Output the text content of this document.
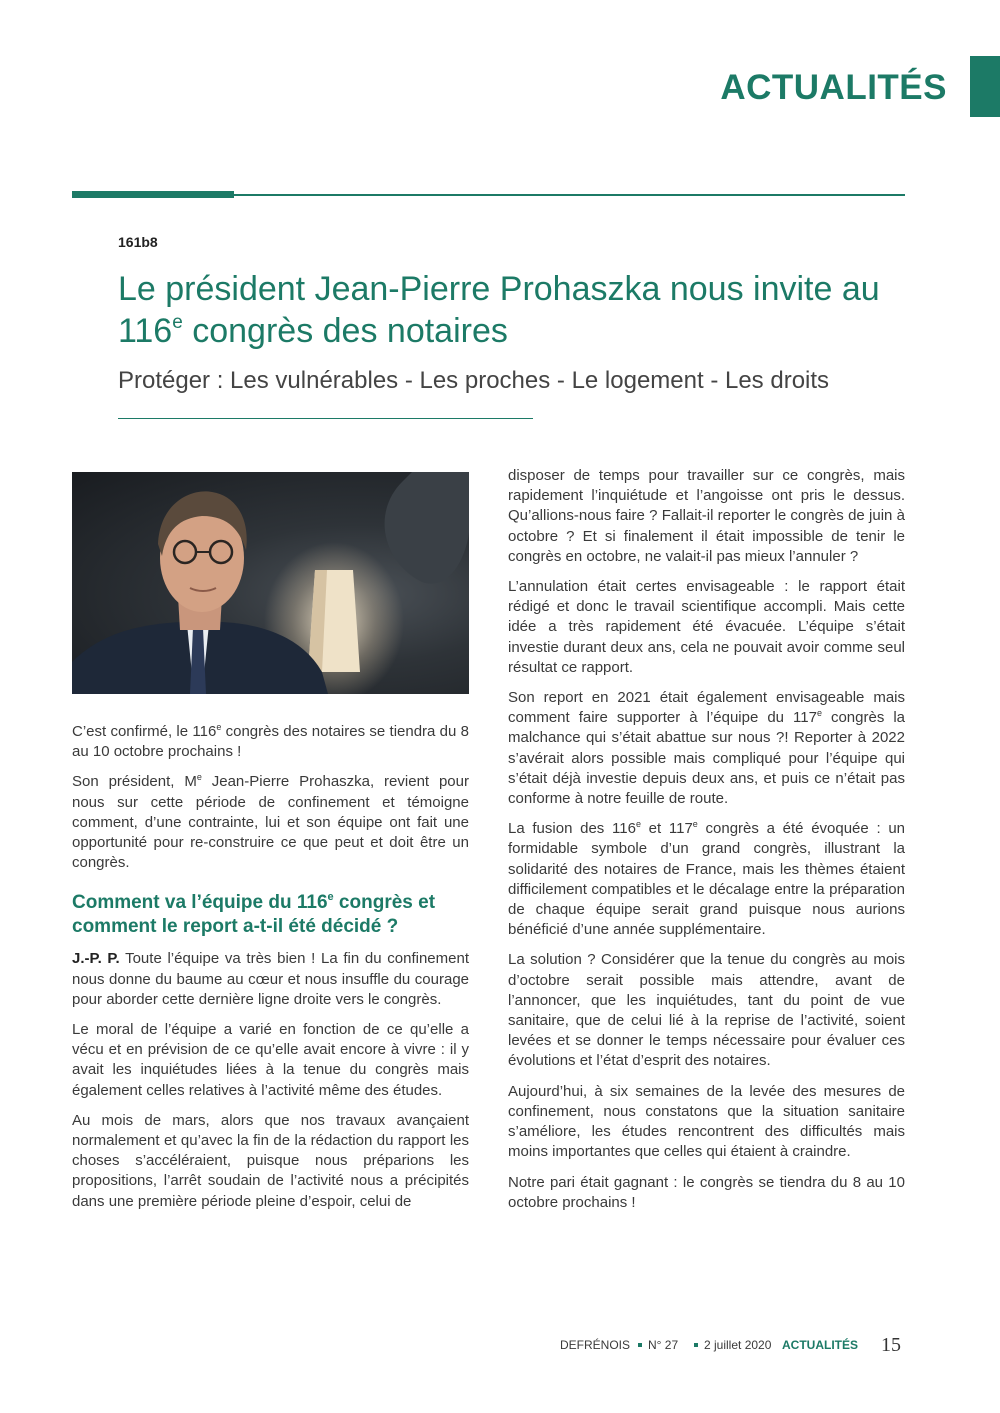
ACTUALITÉS
161b8
Le président Jean-Pierre Prohaszka nous invite au 116e congrès des notaires
Protéger : Les vulnérables - Les proches - Le logement - Les droits

C’est confirmé, le 116e congrès des notaires se tiendra du 8 au 10 octobre prochains !

Son président, Me Jean-Pierre Prohaszka, revient pour nous sur cette période de confinement et témoigne comment, d’une contrainte, lui et son équipe ont fait une opportunité pour re-construire ce que peut et doit être un congrès.

Comment va l’équipe du 116e congrès et comment le report a-t-il été décidé ?

J.-P. P. Toute l’équipe va très bien ! La fin du confinement nous donne du baume au cœur et nous insuffle du courage pour aborder cette dernière ligne droite vers le congrès.

Le moral de l’équipe a varié en fonction de ce qu’elle a vécu et en prévision de ce qu’elle avait encore à vivre : il y avait les inquiétudes liées à la tenue du congrès mais également celles relatives à l’activité même des études.

Au mois de mars, alors que nos travaux avançaient normalement et qu’avec la fin de la rédaction du rapport les choses s’accéléraient, puisque nous préparions les propositions, l’arrêt soudain de l’activité nous a précipités dans une première période pleine d’espoir, celui de

disposer de temps pour travailler sur ce congrès, mais rapidement l’inquiétude et l’angoisse ont pris le dessus. Qu’allions-nous faire ? Fallait-il reporter le congrès de juin à octobre ? Et si finalement il était impossible de tenir le congrès en octobre, ne valait-il pas mieux l’annuler ?

L’annulation était certes envisageable : le rapport était rédigé et donc le travail scientifique accompli. Mais cette idée a très rapidement été évacuée. L’équipe s’était investie durant deux ans, cela ne pouvait avoir comme seul résultat ce rapport.

Son report en 2021 était également envisageable mais comment faire supporter à l’équipe du 117e congrès la malchance qui s’était abattue sur nous ?! Reporter à 2022 s’avérait alors possible mais compliqué pour l’équipe qui s’était déjà investie depuis deux ans, et puis ce n’était pas conforme à notre feuille de route.

La fusion des 116e et 117e congrès a été évoquée : un formidable symbole d’un grand congrès, illustrant la solidarité des notaires de France, mais les thèmes étaient difficilement compatibles et le décalage entre la préparation de chaque équipe serait grand puisque nous aurions bénéficié d’une année supplémentaire.

La solution ? Considérer que la tenue du congrès au mois d’octobre serait possible mais attendre, avant de l’annoncer, que les inquiétudes, tant du point de vue sanitaire, que de celui lié à la reprise de l’activité, soient levées et se donner le temps nécessaire pour évaluer ces évolutions et l’état d’esprit des notaires.

Aujourd’hui, à six semaines de la levée des mesures de confinement, nous constatons que la situation sanitaire s’améliore, les études rencontrent des difficultés mais moins importantes que celles qui étaient à craindre.

Notre pari était gagnant : le congrès se tiendra du 8 au 10 octobre prochains !

DEFRÉNOIS N° 27 2 juillet 2020 ACTUALITÉS 15
